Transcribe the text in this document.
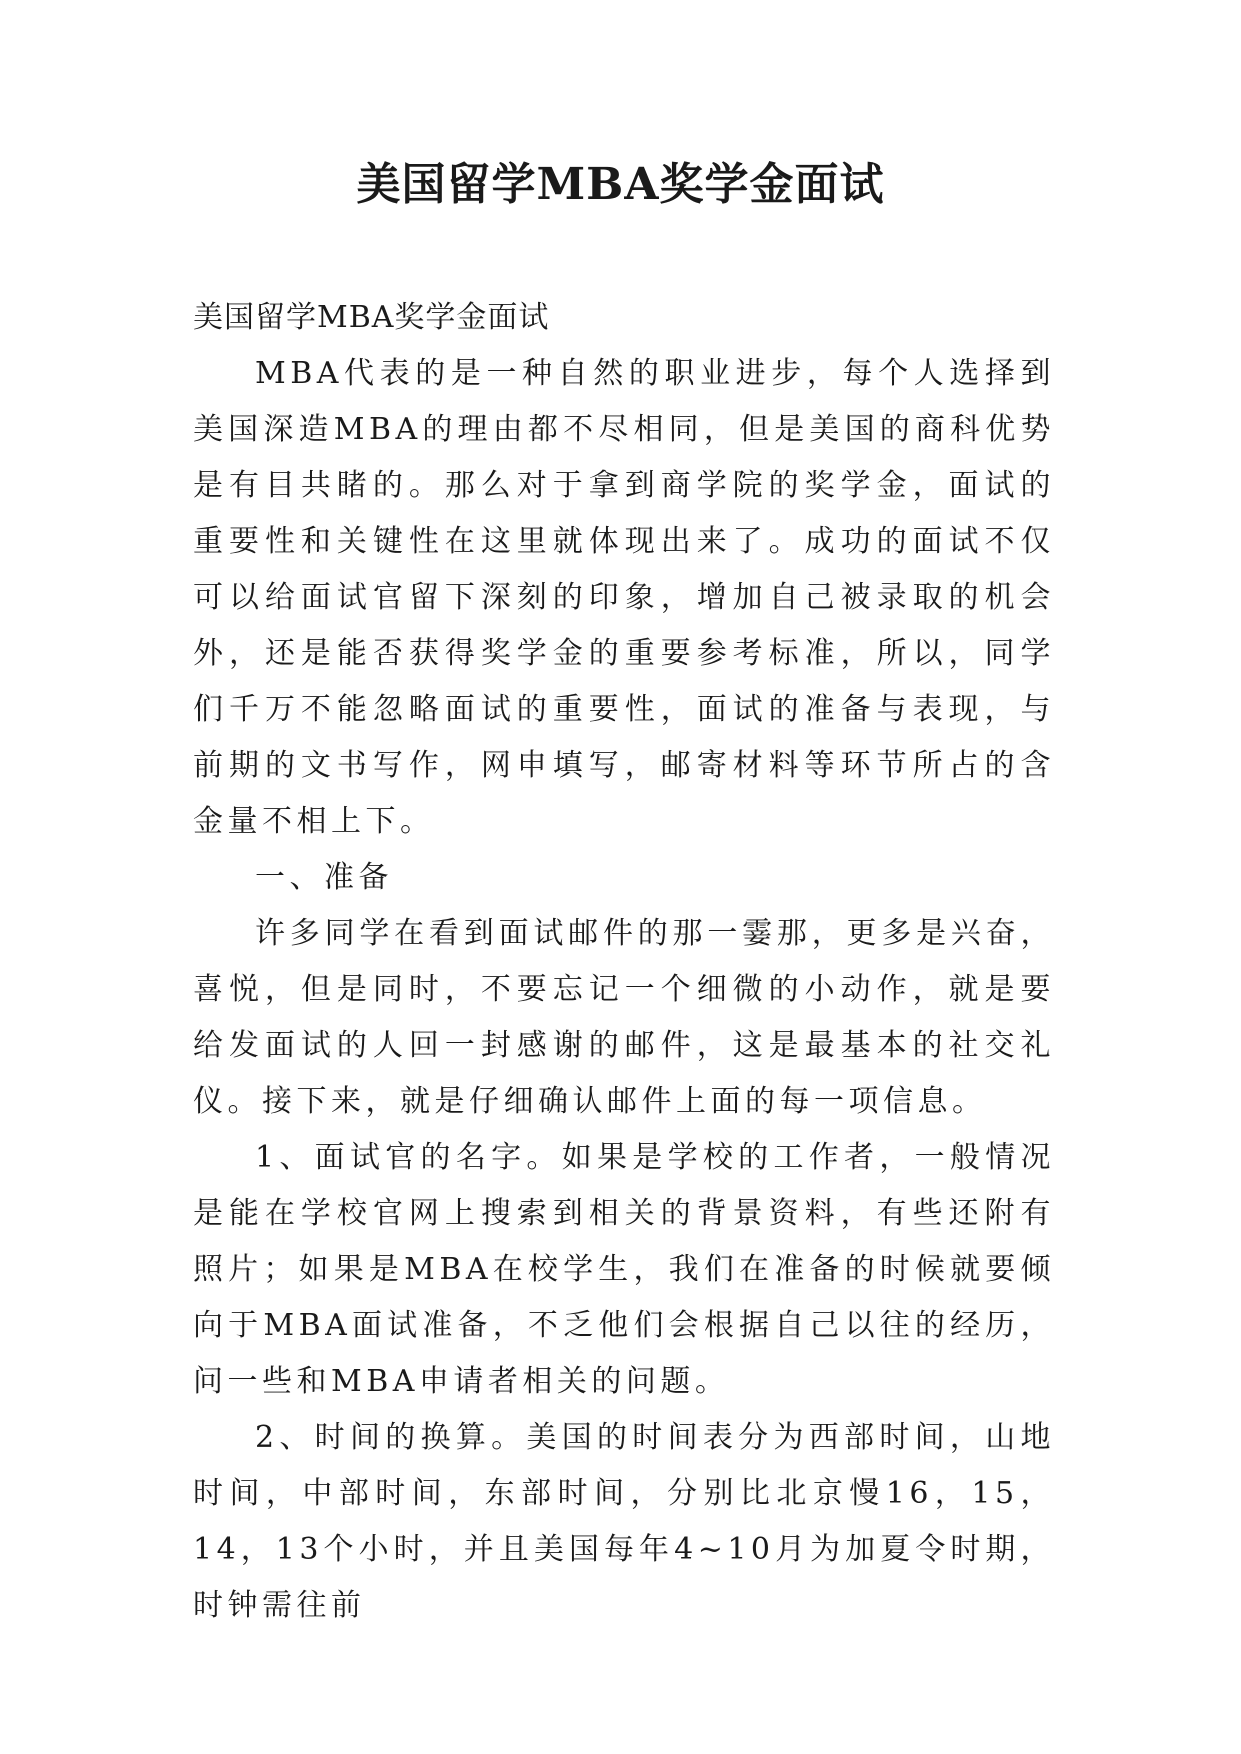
美国留学MBA奖学金面试

美国留学MBA奖学金面试

MBA代表的是一种自然的职业进步，每个人选择到美国深造MBA的理由都不尽相同，但是美国的商科优势是有目共睹的。那么对于拿到商学院的奖学金，面试的重要性和关键性在这里就体现出来了。成功的面试不仅可以给面试官留下深刻的印象，增加自己被录取的机会外，还是能否获得奖学金的重要参考标准，所以，同学们千万不能忽略面试的重要性，面试的准备与表现，与前期的文书写作，网申填写，邮寄材料等环节所占的含金量不相上下。

一、准备

许多同学在看到面试邮件的那一霎那，更多是兴奋，喜悦，但是同时，不要忘记一个细微的小动作，就是要给发面试的人回一封感谢的邮件，这是最基本的社交礼仪。接下来，就是仔细确认邮件上面的每一项信息。

1、面试官的名字。如果是学校的工作者，一般情况是能在学校官网上搜索到相关的背景资料，有些还附有照片；如果是MBA在校学生，我们在准备的时候就要倾向于MBA面试准备，不乏他们会根据自己以往的经历，问一些和MBA申请者相关的问题。

2、时间的换算。美国的时间表分为西部时间，山地时间，中部时间，东部时间，分别比北京慢16，15，14，13个小时，并且美国每年4~10月为加夏令时期，时钟需往前
